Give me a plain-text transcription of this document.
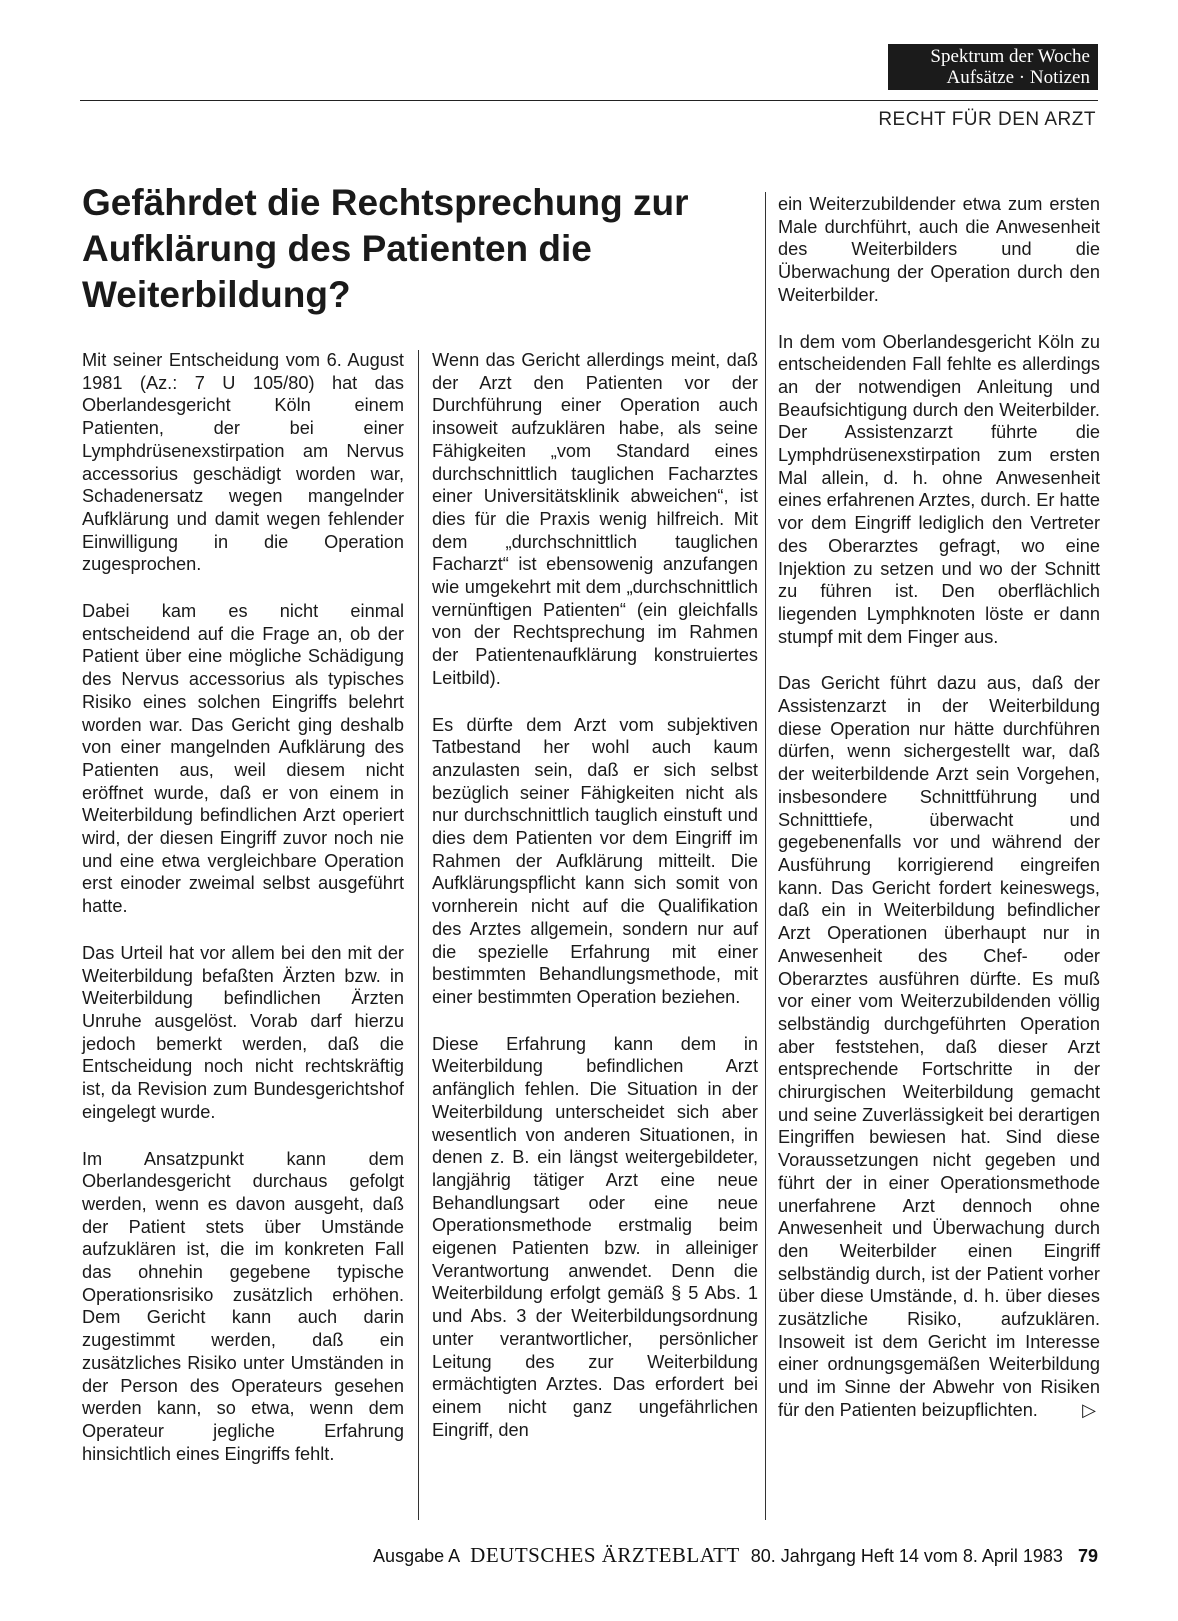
Spektrum der Woche
Aufsätze · Notizen
RECHT FÜR DEN ARZT
Gefährdet die Rechtsprechung zur Aufklärung des Patienten die Weiterbildung?

Mit seiner Entscheidung vom 6. August 1981 (Az.: 7 U 105/80) hat das Oberlandesgericht Köln einem Patienten, der bei einer Lymphdrüsenexstirpation am Nervus accessorius geschädigt worden war, Schadenersatz wegen mangelnder Aufklärung und damit wegen fehlender Einwilligung in die Operation zugesprochen.

Dabei kam es nicht einmal entscheidend auf die Frage an, ob der Patient über eine mögliche Schädigung des Nervus accessorius als typisches Risiko eines solchen Eingriffs belehrt worden war. Das Gericht ging deshalb von einer mangelnden Aufklärung des Patienten aus, weil diesem nicht eröffnet wurde, daß er von einem in Weiterbildung befindlichen Arzt operiert wird, der diesen Eingriff zuvor noch nie und eine etwa vergleichbare Operation erst einoder zweimal selbst ausgeführt hatte.

Das Urteil hat vor allem bei den mit der Weiterbildung befaßten Ärzten bzw. in Weiterbildung befindlichen Ärzten Unruhe ausgelöst. Vorab darf hierzu jedoch bemerkt werden, daß die Entscheidung noch nicht rechtskräftig ist, da Revision zum Bundesgerichtshof eingelegt wurde.

Im Ansatzpunkt kann dem Oberlandesgericht durchaus gefolgt werden, wenn es davon ausgeht, daß der Patient stets über Umstände aufzuklären ist, die im konkreten Fall das ohnehin gegebene typische Operationsrisiko zusätzlich erhöhen. Dem Gericht kann auch darin zugestimmt werden, daß ein zusätzliches Risiko unter Umständen in der Person des Operateurs gesehen werden kann, so etwa, wenn dem Operateur jegliche Erfahrung hinsichtlich eines Eingriffs fehlt.

Wenn das Gericht allerdings meint, daß der Arzt den Patienten vor der Durchführung einer Operation auch insoweit aufzuklären habe, als seine Fähigkeiten „vom Standard eines durchschnittlich tauglichen Facharztes einer Universitätsklinik abweichen“, ist dies für die Praxis wenig hilfreich. Mit dem „durchschnittlich tauglichen Facharzt“ ist ebensowenig anzufangen wie umgekehrt mit dem „durchschnittlich vernünftigen Patienten“ (ein gleichfalls von der Rechtsprechung im Rahmen der Patientenaufklärung konstruiertes Leitbild).

Es dürfte dem Arzt vom subjektiven Tatbestand her wohl auch kaum anzulasten sein, daß er sich selbst bezüglich seiner Fähigkeiten nicht als nur durchschnittlich tauglich einstuft und dies dem Patienten vor dem Eingriff im Rahmen der Aufklärung mitteilt. Die Aufklärungspflicht kann sich somit von vornherein nicht auf die Qualifikation des Arztes allgemein, sondern nur auf die spezielle Erfahrung mit einer bestimmten Behandlungsmethode, mit einer bestimmten Operation beziehen.

Diese Erfahrung kann dem in Weiterbildung befindlichen Arzt anfänglich fehlen. Die Situation in der Weiterbildung unterscheidet sich aber wesentlich von anderen Situationen, in denen z. B. ein längst weitergebildeter, langjährig tätiger Arzt eine neue Behandlungsart oder eine neue Operationsmethode erstmalig beim eigenen Patienten bzw. in alleiniger Verantwortung anwendet. Denn die Weiterbildung erfolgt gemäß § 5 Abs. 1 und Abs. 3 der Weiterbildungsordnung unter verantwortlicher, persönlicher Leitung des zur Weiterbildung ermächtigten Arztes. Das erfordert bei einem nicht ganz ungefährlichen Eingriff, den

ein Weiterzubildender etwa zum ersten Male durchführt, auch die Anwesenheit des Weiterbilders und die Überwachung der Operation durch den Weiterbilder.

In dem vom Oberlandesgericht Köln zu entscheidenden Fall fehlte es allerdings an der notwendigen Anleitung und Beaufsichtigung durch den Weiterbilder. Der Assistenzarzt führte die Lymphdrüsenexstirpation zum ersten Mal allein, d. h. ohne Anwesenheit eines erfahrenen Arztes, durch. Er hatte vor dem Eingriff lediglich den Vertreter des Oberarztes gefragt, wo eine Injektion zu setzen und wo der Schnitt zu führen ist. Den oberflächlich liegenden Lymphknoten löste er dann stumpf mit dem Finger aus.

Das Gericht führt dazu aus, daß der Assistenzarzt in der Weiterbildung diese Operation nur hätte durchführen dürfen, wenn sichergestellt war, daß der weiterbildende Arzt sein Vorgehen, insbesondere Schnittführung und Schnitttiefe, überwacht und gegebenenfalls vor und während der Ausführung korrigierend eingreifen kann. Das Gericht fordert keineswegs, daß ein in Weiterbildung befindlicher Arzt Operationen überhaupt nur in Anwesenheit des Chef- oder Oberarztes ausführen dürfte. Es muß vor einer vom Weiterzubildenden völlig selbständig durchgeführten Operation aber feststehen, daß dieser Arzt entsprechende Fortschritte in der chirurgischen Weiterbildung gemacht und seine Zuverlässigkeit bei derartigen Eingriffen bewiesen hat. Sind diese Voraussetzungen nicht gegeben und führt der in einer Operationsmethode unerfahrene Arzt dennoch ohne Anwesenheit und Überwachung durch den Weiterbilder einen Eingriff selbständig durch, ist der Patient vorher über diese Umstände, d. h. über dieses zusätzliche Risiko, aufzuklären. Insoweit ist dem Gericht im Interesse einer ordnungsgemäßen Weiterbildung und im Sinne der Abwehr von Risiken für den Patienten beizupflichten. ▷

Ausgabe A DEUTSCHES ÄRZTEBLATT 80. Jahrgang Heft 14 vom 8. April 1983 79
